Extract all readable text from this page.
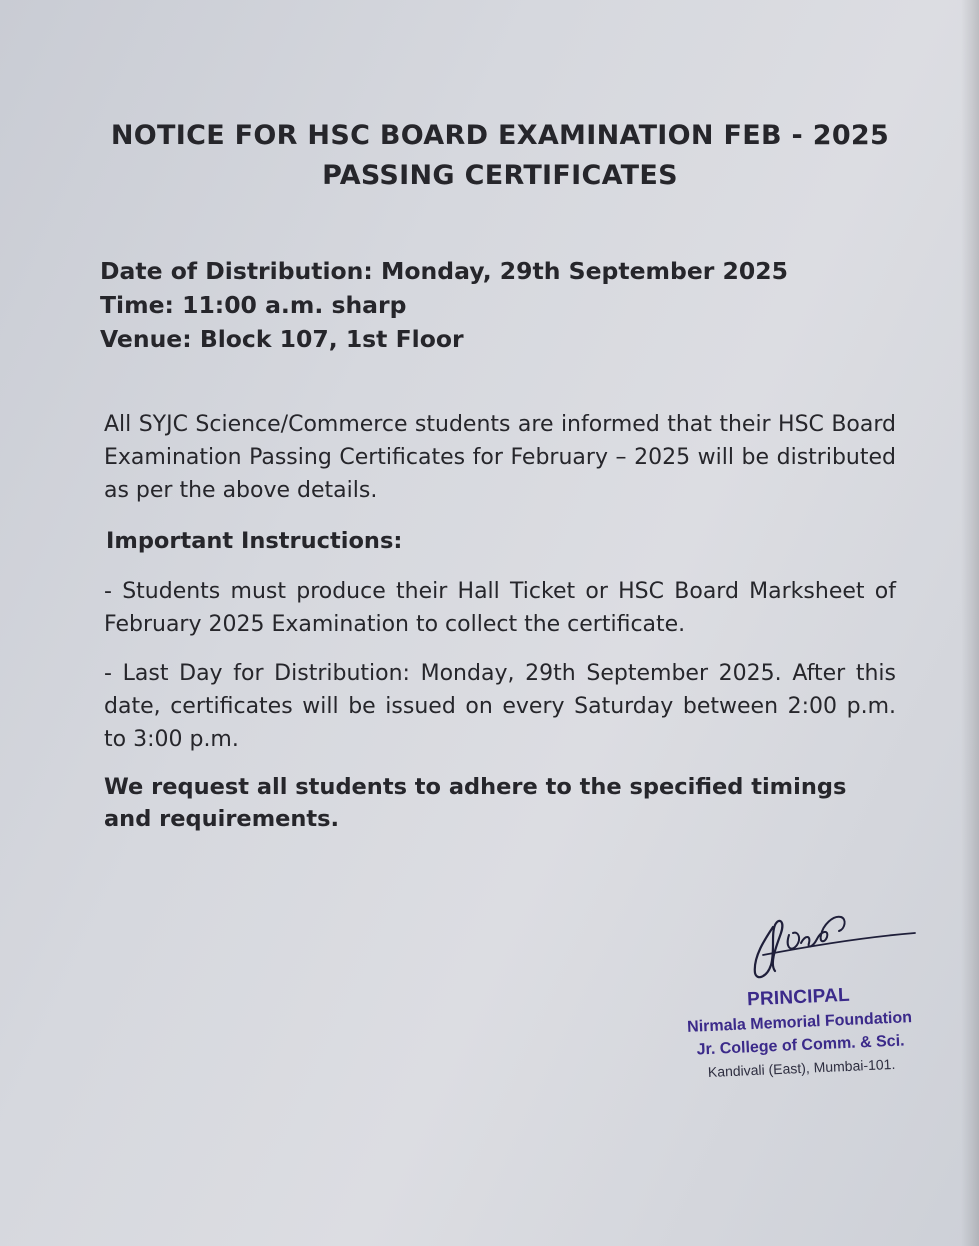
NOTICE FOR HSC BOARD EXAMINATION FEB - 2025
PASSING CERTIFICATES
Date of Distribution: Monday, 29th September 2025
Time: 11:00 a.m. sharp
Venue: Block 107, 1st Floor
All SYJC Science/Commerce students are informed that their HSC Board Examination Passing Certificates for February – 2025 will be distributed as per the above details.
Important Instructions:
- Students must produce their Hall Ticket or HSC Board Marksheet of February 2025 Examination to collect the certificate.
- Last Day for Distribution: Monday, 29th September 2025. After this date, certificates will be issued on every Saturday between 2:00 p.m. to 3:00 p.m.
We request all students to adhere to the specified timings and requirements.
PRINCIPAL
Nirmala Memorial Foundation
Jr. College of Comm. & Sci.
Kandivali (East), Mumbai-101.
